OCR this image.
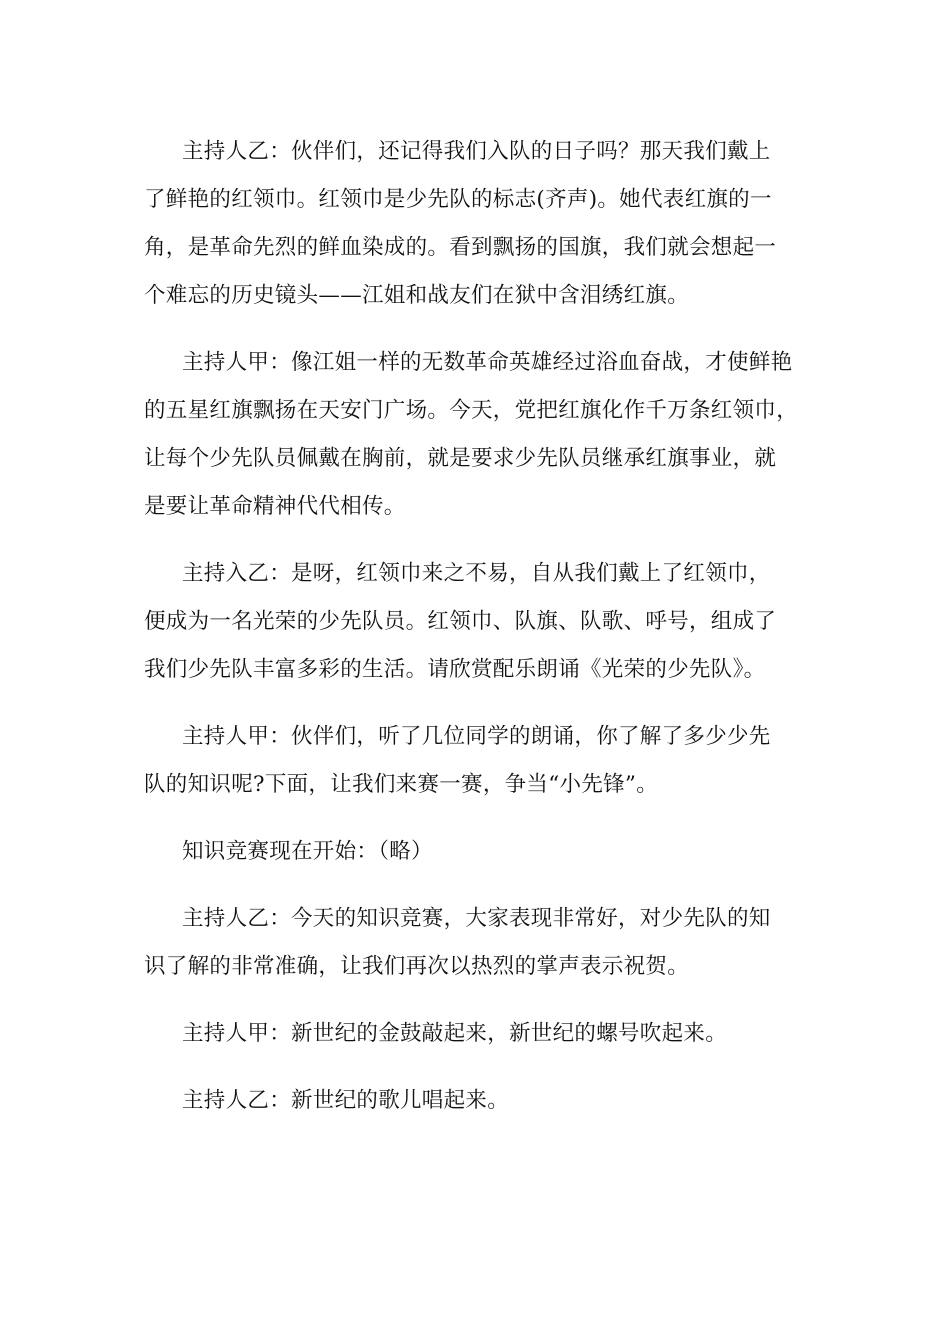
主持人乙：伙伴们，还记得我们入队的日子吗？那天我们戴上
了鲜艳的红领巾。红领巾是少先队的标志(齐声)。她代表红旗的一
角，是革命先烈的鲜血染成的。看到飘扬的国旗，我们就会想起一
个难忘的历史镜头——江姐和战友们在狱中含泪绣红旗。

主持人甲：像江姐一样的无数革命英雄经过浴血奋战，才使鲜艳
的五星红旗飘扬在天安门广场。今天，党把红旗化作千万条红领巾，
让每个少先队员佩戴在胸前，就是要求少先队员继承红旗事业，就
是要让革命精神代代相传。

主持入乙：是呀，红领巾来之不易，自从我们戴上了红领巾，
便成为一名光荣的少先队员。红领巾、队旗、队歌、呼号，组成了
我们少先队丰富多彩的生活。请欣赏配乐朗诵《光荣的少先队》。

主持人甲：伙伴们，听了几位同学的朗诵，你了解了多少少先
队的知识呢?下面，让我们来赛一赛，争当“小先锋”。

知识竞赛现在开始：（略）

主持人乙：今天的知识竞赛，大家表现非常好，对少先队的知
识了解的非常准确，让我们再次以热烈的掌声表示祝贺。

主持人甲：新世纪的金鼓敲起来，新世纪的螺号吹起来。

主持人乙：新世纪的歌儿唱起来。
